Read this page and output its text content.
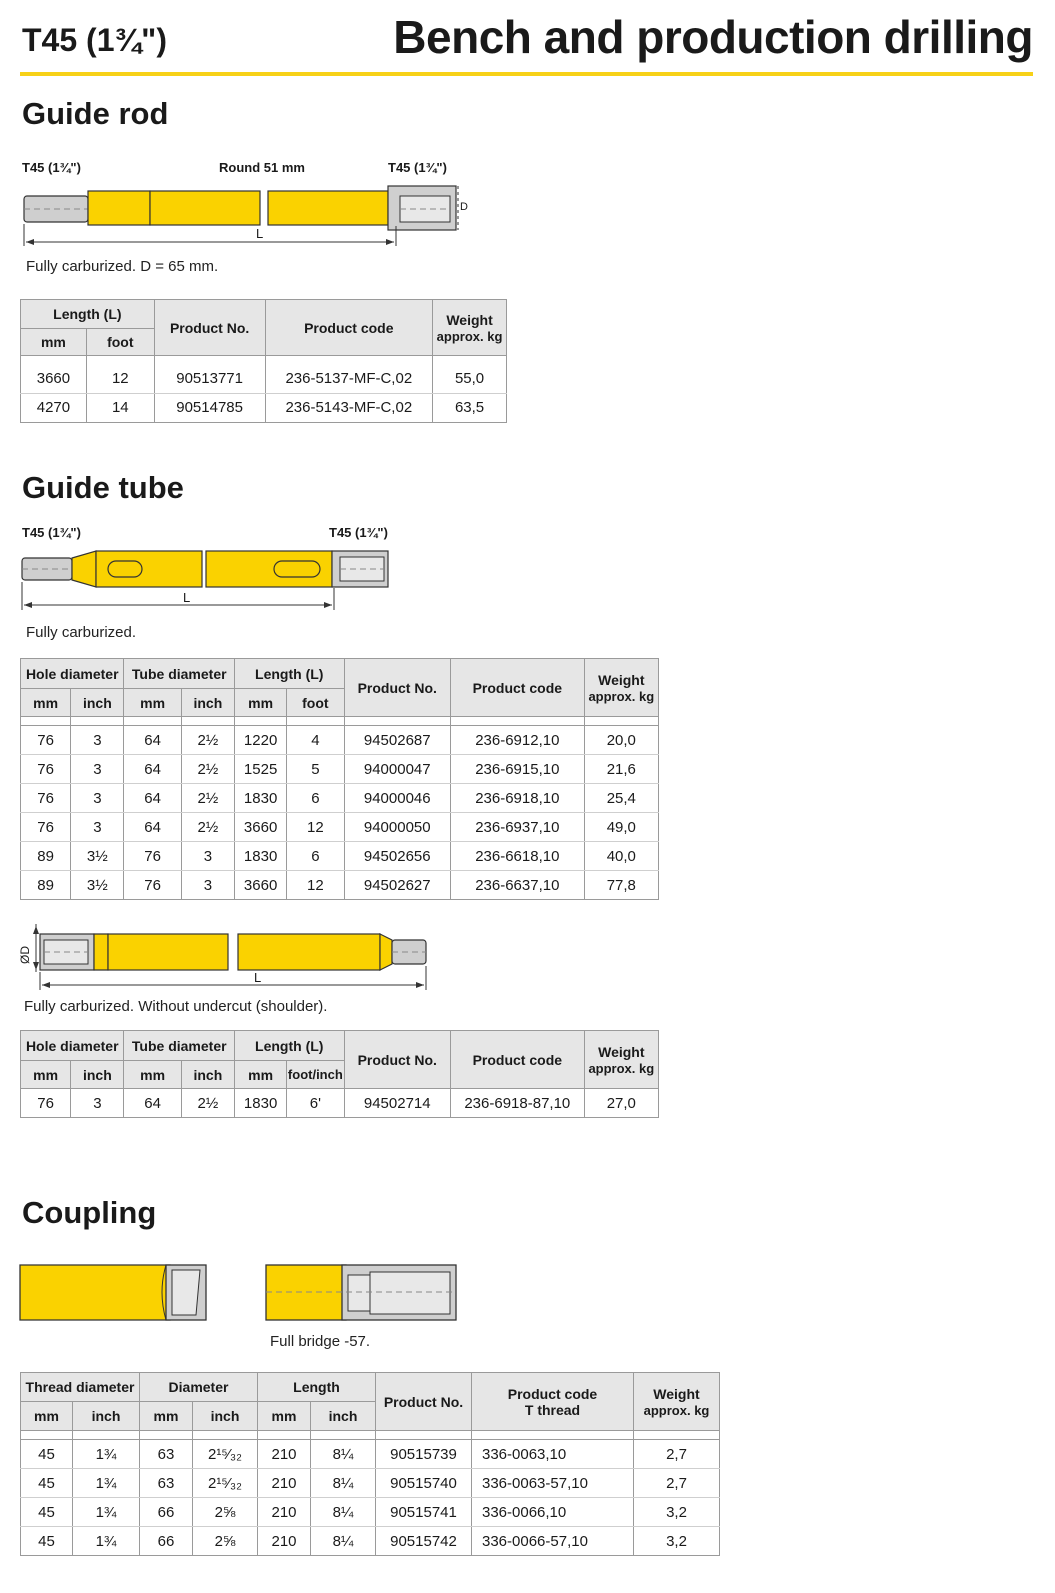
T45 (1¾")	Bench and production drilling
Guide rod
T45 (1¾")	Round 51 mm	T45 (1¾")
L
D
Fully carburized. D = 65 mm.
Length (L)		Product No.	Product code	Weight
approx. kg
mm	foot			

3660	12	90513771	236-5137-MF-C,02	55,0
4270	14	90514785	236-5143-MF-C,02	63,5
Guide tube
T45 (1¾")	T45 (1¾")
L
Fully carburized.
Hole diameter		Tube diameter		Length (L)		Product No.	Product code	Weight
approx. kg
mm	inch	mm	inch	mm	foot			

76	3	64	2½	1220	4	94502687	236-6912,10	20,0
76	3	64	2½	1525	5	94000047	236-6915,10	21,6
76	3	64	2½	1830	6	94000046	236-6918,10	25,4
76	3	64	2½	3660	12	94000050	236-6937,10	49,0
89	3½	76	3	1830	6	94502656	236-6618,10	40,0
89	3½	76	3	3660	12	94502627	236-6637,10	77,8
ØD
L
Fully carburized. Without undercut (shoulder).
Hole diameter		Tube diameter		Length (L)		Product No.	Product code	Weight
approx. kg
mm	inch	mm	inch	mm	foot/inch			
76	3	64	2½	1830	6'	94502714	236-6918-87,10	27,0
Coupling
Full bridge -57.
Thread diameter		Diameter		Length		Product No.	Product code
T thread	Weight
approx. kg
mm	inch	mm	inch	mm	inch			

45	1¾	63	2¹⁵⁄₃₂	210	8¼	90515739	336-0063,10	2,7
45	1¾	63	2¹⁵⁄₃₂	210	8¼	90515740	336-0063-57,10	2,7
45	1¾	66	2⅝	210	8¼	90515741	336-0066,10	3,2
45	1¾	66	2⅝	210	8¼	90515742	336-0066-57,10	3,2
